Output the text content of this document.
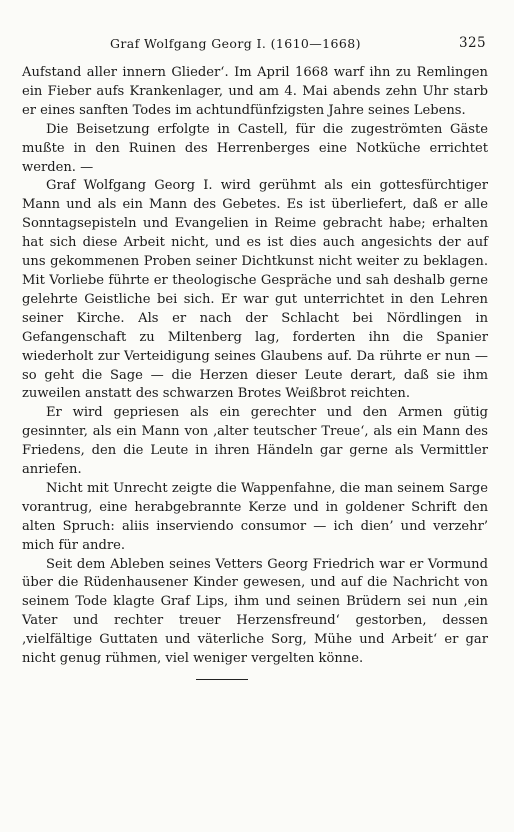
Graf Wolfgang Georg I. (1610—1668)	325

Aufstand aller innern Glieder‘. Im April 1668 warf ihn zu Remlingen ein Fieber aufs Krankenlager, und am 4. Mai abends zehn Uhr starb er eines sanften Todes im achtundfünfzigsten Jahre seines Lebens.

Die Beisetzung erfolgte in Castell, für die zugeströmten Gäste mußte in den Ruinen des Herrenberges eine Notküche errichtet werden. —

Graf Wolfgang Georg I. wird gerühmt als ein gottesfürchtiger Mann und als ein Mann des Gebetes. Es ist überliefert, daß er alle Sonntagsepisteln und Evangelien in Reime gebracht habe; erhalten hat sich diese Arbeit nicht, und es ist dies auch angesichts der auf uns gekommenen Proben seiner Dichtkunst nicht weiter zu beklagen. Mit Vorliebe führte er theologische Gespräche und sah deshalb gerne gelehrte Geistliche bei sich. Er war gut unterrichtet in den Lehren seiner Kirche. Als er nach der Schlacht bei Nördlingen in Gefangenschaft zu Miltenberg lag, forderten ihn die Spanier wiederholt zur Verteidigung seines Glaubens auf. Da rührte er nun — so geht die Sage — die Herzen dieser Leute derart, daß sie ihm zuweilen anstatt des schwarzen Brotes Weißbrot reichten.

Er wird gepriesen als ein gerechter und den Armen gütig gesinnter, als ein Mann von ‚alter teutscher Treue‘, als ein Mann des Friedens, den die Leute in ihren Händeln gar gerne als Vermittler anriefen.

Nicht mit Unrecht zeigte die Wappenfahne, die man seinem Sarge vorantrug, eine herabgebrannte Kerze und in goldener Schrift den alten Spruch: aliis inserviendo consumor — ich dien’ und verzehr’ mich für andre.

Seit dem Ableben seines Vetters Georg Friedrich war er Vormund über die Rüdenhausener Kinder gewesen, und auf die Nachricht von seinem Tode klagte Graf Lips, ihm und seinen Brüdern sei nun ‚ein Vater und rechter treuer Herzensfreund‘ gestorben, dessen ‚vielfältige Guttaten und väterliche Sorg, Mühe und Arbeit‘ er gar nicht genug rühmen, viel weniger vergelten könne.
